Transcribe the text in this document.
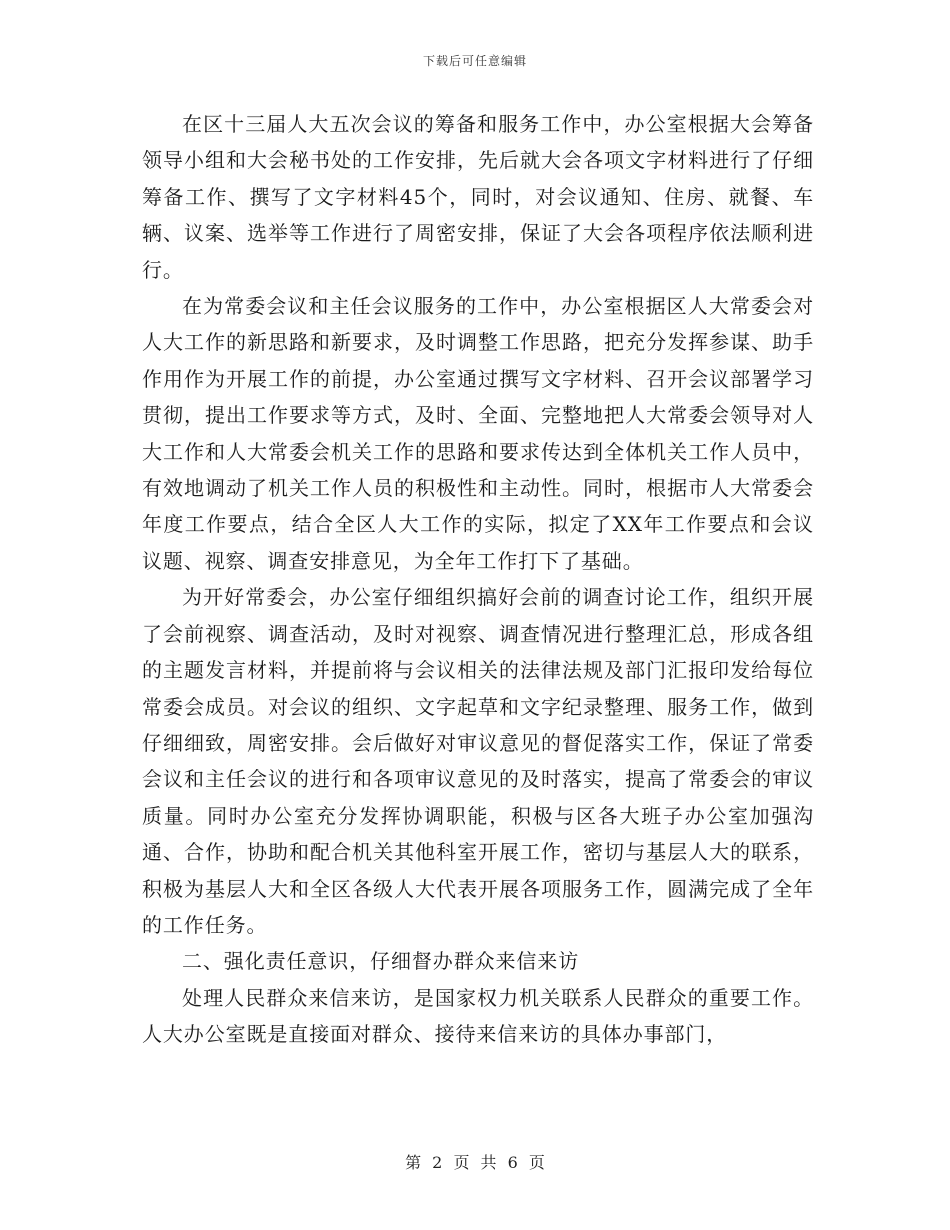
下载后可任意编辑

在区十三届人大五次会议的筹备和服务工作中，办公室根据大会筹备领导小组和大会秘书处的工作安排，先后就大会各项文字材料进行了仔细筹备工作、撰写了文字材料45个，同时，对会议通知、住房、就餐、车辆、议案、选举等工作进行了周密安排，保证了大会各项程序依法顺利进行。

在为常委会议和主任会议服务的工作中，办公室根据区人大常委会对人大工作的新思路和新要求，及时调整工作思路，把充分发挥参谋、助手作用作为开展工作的前提，办公室通过撰写文字材料、召开会议部署学习贯彻，提出工作要求等方式，及时、全面、完整地把人大常委会领导对人大工作和人大常委会机关工作的思路和要求传达到全体机关工作人员中，有效地调动了机关工作人员的积极性和主动性。同时，根据市人大常委会年度工作要点，结合全区人大工作的实际，拟定了XX年工作要点和会议议题、视察、调查安排意见，为全年工作打下了基础。

为开好常委会，办公室仔细组织搞好会前的调查讨论工作，组织开展了会前视察、调查活动，及时对视察、调查情况进行整理汇总，形成各组的主题发言材料，并提前将与会议相关的法律法规及部门汇报印发给每位常委会成员。对会议的组织、文字起草和文字纪录整理、服务工作，做到仔细细致，周密安排。会后做好对审议意见的督促落实工作，保证了常委会议和主任会议的进行和各项审议意见的及时落实，提高了常委会的审议质量。同时办公室充分发挥协调职能，积极与区各大班子办公室加强沟通、合作，协助和配合机关其他科室开展工作，密切与基层人大的联系，积极为基层人大和全区各级人大代表开展各项服务工作，圆满完成了全年的工作任务。

二、强化责任意识，仔细督办群众来信来访

处理人民群众来信来访，是国家权力机关联系人民群众的重要工作。人大办公室既是直接面对群众、接待来信来访的具体办事部门，

第 2 页 共 6 页
